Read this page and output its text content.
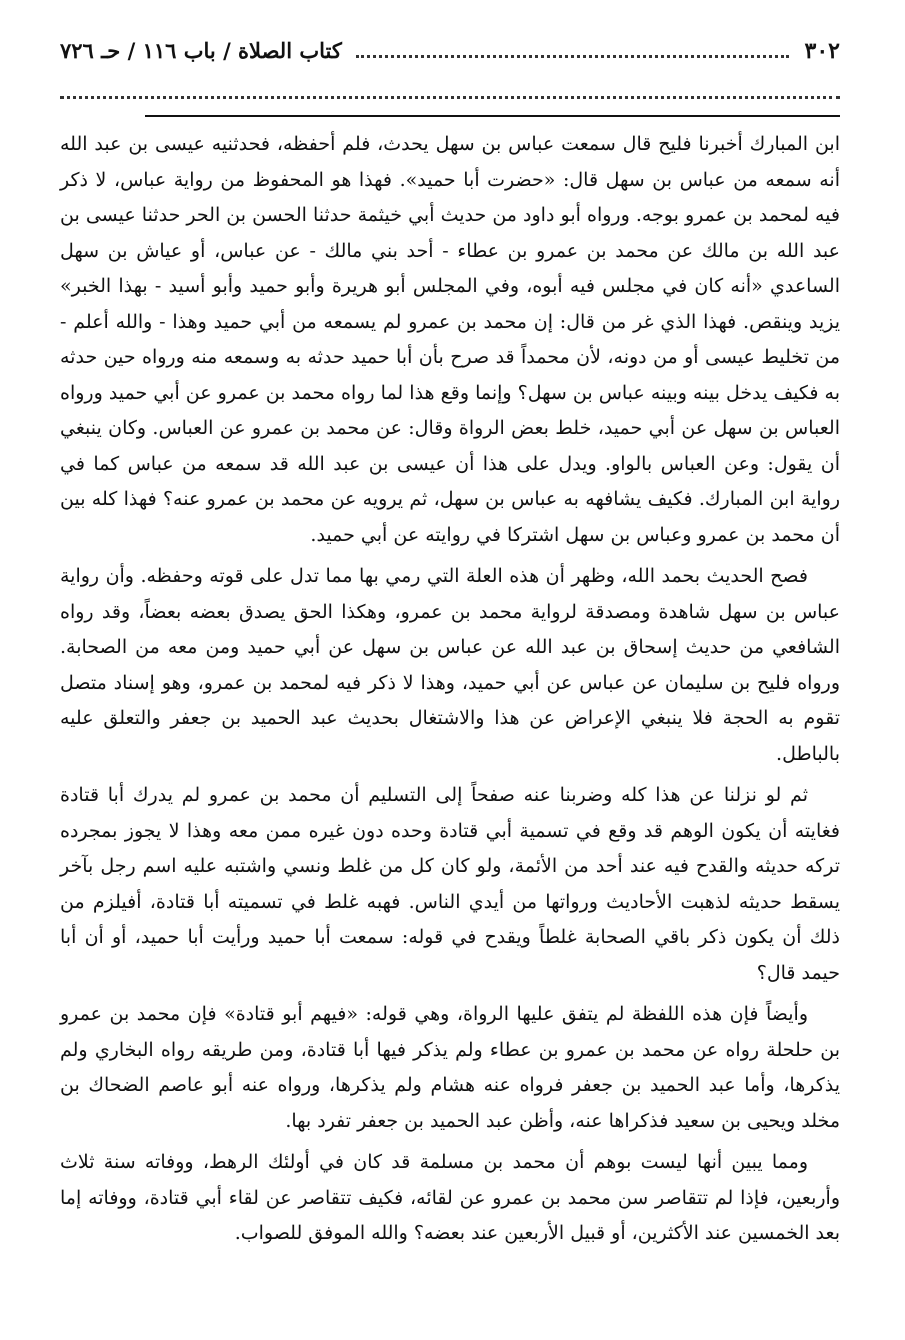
٣٠٢
كتاب الصلاة / باب ١١٦ / حـ ٧٢٦

ابن المبارك أخبرنا فليح قال سمعت عباس بن سهل يحدث، فلم أحفظه، فحدثنيه عيسى بن عبد الله أنه سمعه من عباس بن سهل قال: «حضرت أبا حميد». فهذا هو المحفوظ من رواية عباس، لا ذكر فيه لمحمد بن عمرو بوجه. ورواه أبو داود من حديث أبي خيثمة حدثنا الحسن بن الحر حدثنا عيسى بن عبد الله بن مالك عن محمد بن عمرو بن عطاء - أحد بني مالك - عن عباس، أو عياش بن سهل الساعدي «أنه كان في مجلس فيه أبوه، وفي المجلس أبو هريرة وأبو حميد وأبو أسيد - بهذا الخبر» يزيد وينقص. فهذا الذي غر من قال: إن محمد بن عمرو لم يسمعه من أبي حميد وهذا - والله أعلم - من تخليط عيسى أو من دونه، لأن محمداً قد صرح بأن أبا حميد حدثه به وسمعه منه ورواه حين حدثه به فكيف يدخل بينه وبينه عباس بن سهل؟ وإنما وقع هذا لما رواه محمد بن عمرو عن أبي حميد ورواه العباس بن سهل عن أبي حميد، خلط بعض الرواة وقال: عن محمد بن عمرو عن العباس. وكان ينبغي أن يقول: وعن العباس بالواو. ويدل على هذا أن عيسى بن عبد الله قد سمعه من عباس كما في رواية ابن المبارك. فكيف يشافهه به عباس بن سهل، ثم يرويه عن محمد بن عمرو عنه؟ فهذا كله بين أن محمد بن عمرو وعباس بن سهل اشتركا في روايته عن أبي حميد.

فصح الحديث بحمد الله، وظهر أن هذه العلة التي رمي بها مما تدل على قوته وحفظه. وأن رواية عباس بن سهل شاهدة ومصدقة لرواية محمد بن عمرو، وهكذا الحق يصدق بعضه بعضاً، وقد رواه الشافعي من حديث إسحاق بن عبد الله عن عباس بن سهل عن أبي حميد ومن معه من الصحابة. ورواه فليح بن سليمان عن عباس عن أبي حميد، وهذا لا ذكر فيه لمحمد بن عمرو، وهو إسناد متصل تقوم به الحجة فلا ينبغي الإعراض عن هذا والاشتغال بحديث عبد الحميد بن جعفر والتعلق عليه بالباطل.

ثم لو نزلنا عن هذا كله وضربنا عنه صفحاً إلى التسليم أن محمد بن عمرو لم يدرك أبا قتادة فغايته أن يكون الوهم قد وقع في تسمية أبي قتادة وحده دون غيره ممن معه وهذا لا يجوز بمجرده تركه حديثه والقدح فيه عند أحد من الأئمة، ولو كان كل من غلط ونسي واشتبه عليه اسم رجل بآخر يسقط حديثه لذهبت الأحاديث ورواتها من أيدي الناس. فهبه غلط في تسميته أبا قتادة، أفيلزم من ذلك أن يكون ذكر باقي الصحابة غلطاً ويقدح في قوله: سمعت أبا حميد ورأيت أبا حميد، أو أن أبا حيمد قال؟

وأيضاً فإن هذه اللفظة لم يتفق عليها الرواة، وهي قوله: «فيهم أبو قتادة» فإن محمد بن عمرو بن حلحلة رواه عن محمد بن عمرو بن عطاء ولم يذكر فيها أبا قتادة، ومن طريقه رواه البخاري ولم يذكرها، وأما عبد الحميد بن جعفر فرواه عنه هشام ولم يذكرها، ورواه عنه أبو عاصم الضحاك بن مخلد ويحيى بن سعيد فذكراها عنه، وأظن عبد الحميد بن جعفر تفرد بها.

ومما يبين أنها ليست بوهم أن محمد بن مسلمة قد كان في أولئك الرهط، ووفاته سنة ثلاث وأربعين، فإذا لم تتقاصر سن محمد بن عمرو عن لقائه، فكيف تتقاصر عن لقاء أبي قتادة، ووفاته إما بعد الخمسين عند الأكثرين، أو قبيل الأربعين عند بعضه؟ والله الموفق للصواب.
